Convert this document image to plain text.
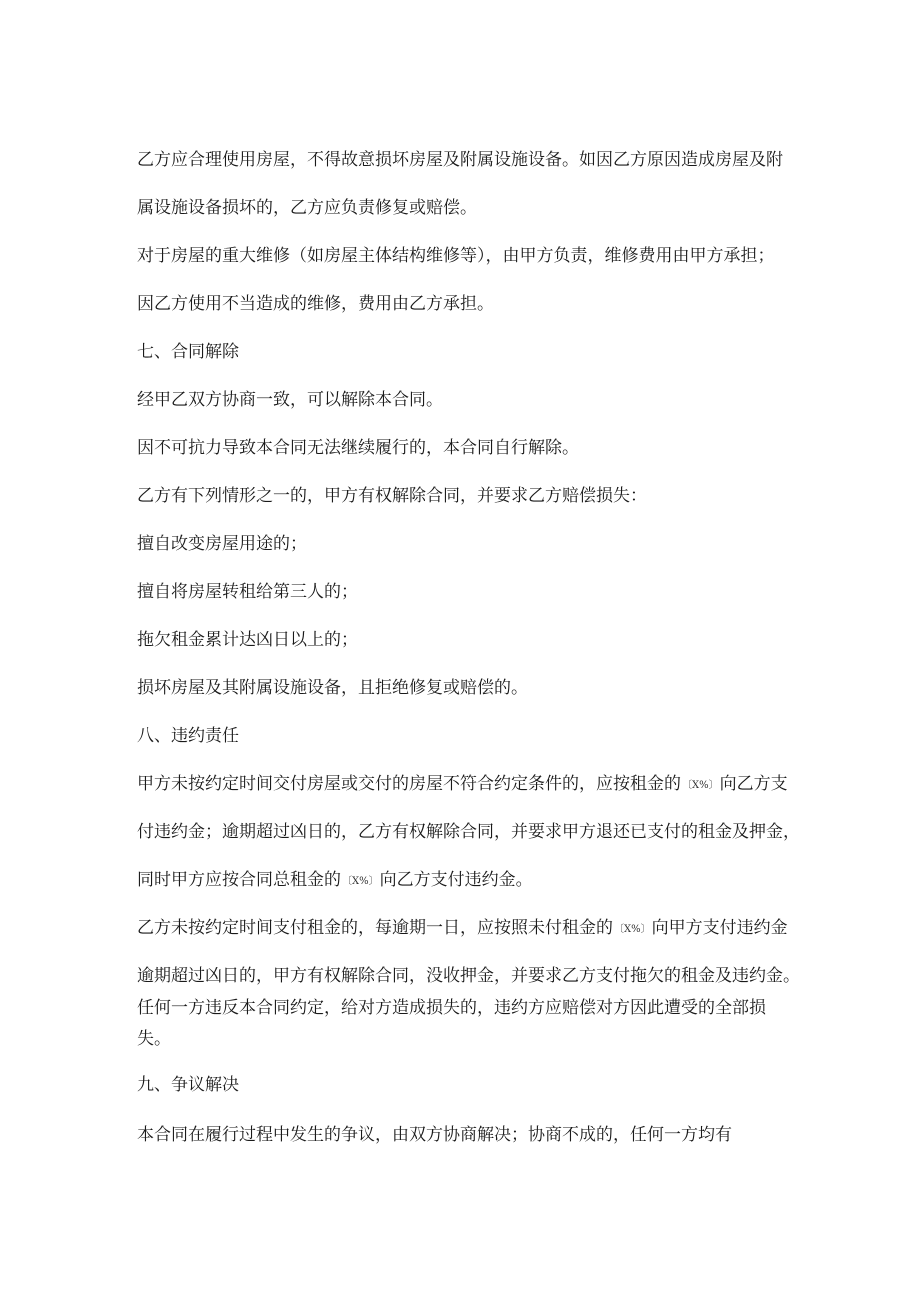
乙方应合理使用房屋，不得故意损坏房屋及附属设施设备。如因乙方原因造成房屋及附
属设施设备损坏的，乙方应负责修复或赔偿。
对于房屋的重大维修（如房屋主体结构维修等），由甲方负责，维修费用由甲方承担；
因乙方使用不当造成的维修，费用由乙方承担。
七、合同解除
经甲乙双方协商一致，可以解除本合同。
因不可抗力导致本合同无法继续履行的，本合同自行解除。
乙方有下列情形之一的，甲方有权解除合同，并要求乙方赔偿损失：
擅自改变房屋用途的；
擅自将房屋转租给第三人的；
拖欠租金累计达凶日以上的；
损坏房屋及其附属设施设备，且拒绝修复或赔偿的。
八、违约责任
甲方未按约定时间交付房屋或交付的房屋不符合约定条件的，应按租金的〔X%〕向乙方支
付违约金；逾期超过凶日的，乙方有权解除合同，并要求甲方退还已支付的租金及押金，
同时甲方应按合同总租金的〔X%〕向乙方支付违约金。
乙方未按约定时间支付租金的，每逾期一日，应按照未付租金的〔X%〕向甲方支付违约金
逾期超过凶日的，甲方有权解除合同，没收押金，并要求乙方支付拖欠的租金及违约金。
任何一方违反本合同约定，给对方造成损失的，违约方应赔偿对方因此遭受的全部损
失。
九、争议解决
本合同在履行过程中发生的争议，由双方协商解决；协商不成的，任何一方均有
